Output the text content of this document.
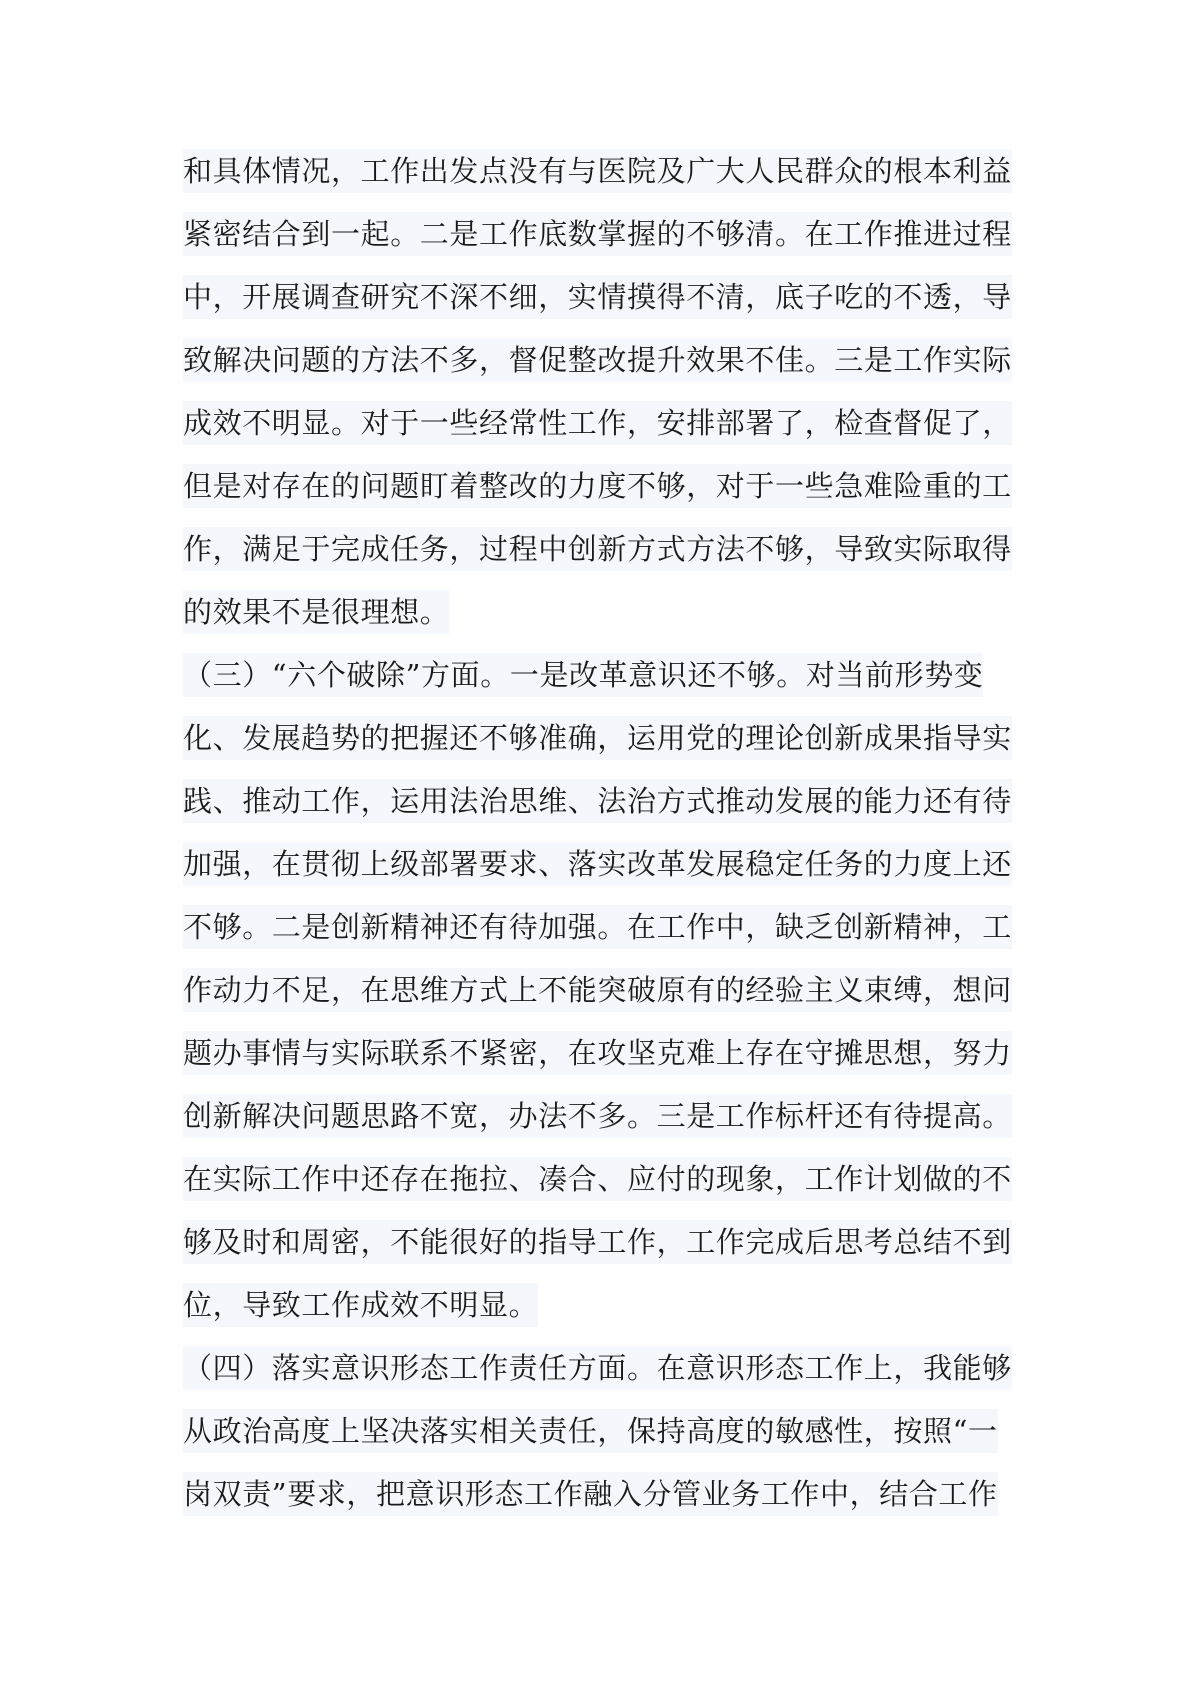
和具体情况，工作出发点没有与医院及广大人民群众的根本利益

紧密结合到一起。二是工作底数掌握的不够清。在工作推进过程

中，开展调查研究不深不细，实情摸得不清，底子吃的不透，导

致解决问题的方法不多，督促整改提升效果不佳。三是工作实际

成效不明显。对于一些经常性工作，安排部署了，检查督促了，

但是对存在的问题盯着整改的力度不够，对于一些急难险重的工

作，满足于完成任务，过程中创新方式方法不够，导致实际取得

的效果不是很理想。

（三）“六个破除”方面。一是改革意识还不够。对当前形势变

化、发展趋势的把握还不够准确，运用党的理论创新成果指导实

践、推动工作，运用法治思维、法治方式推动发展的能力还有待

加强，在贯彻上级部署要求、落实改革发展稳定任务的力度上还

不够。二是创新精神还有待加强。在工作中，缺乏创新精神，工

作动力不足，在思维方式上不能突破原有的经验主义束缚，想问

题办事情与实际联系不紧密，在攻坚克难上存在守摊思想，努力

创新解决问题思路不宽，办法不多。三是工作标杆还有待提高。

在实际工作中还存在拖拉、凑合、应付的现象，工作计划做的不

够及时和周密，不能很好的指导工作，工作完成后思考总结不到

位，导致工作成效不明显。

（四）落实意识形态工作责任方面。在意识形态工作上，我能够

从政治高度上坚决落实相关责任，保持高度的敏感性，按照“一

岗双责”要求，把意识形态工作融入分管业务工作中，结合工作
